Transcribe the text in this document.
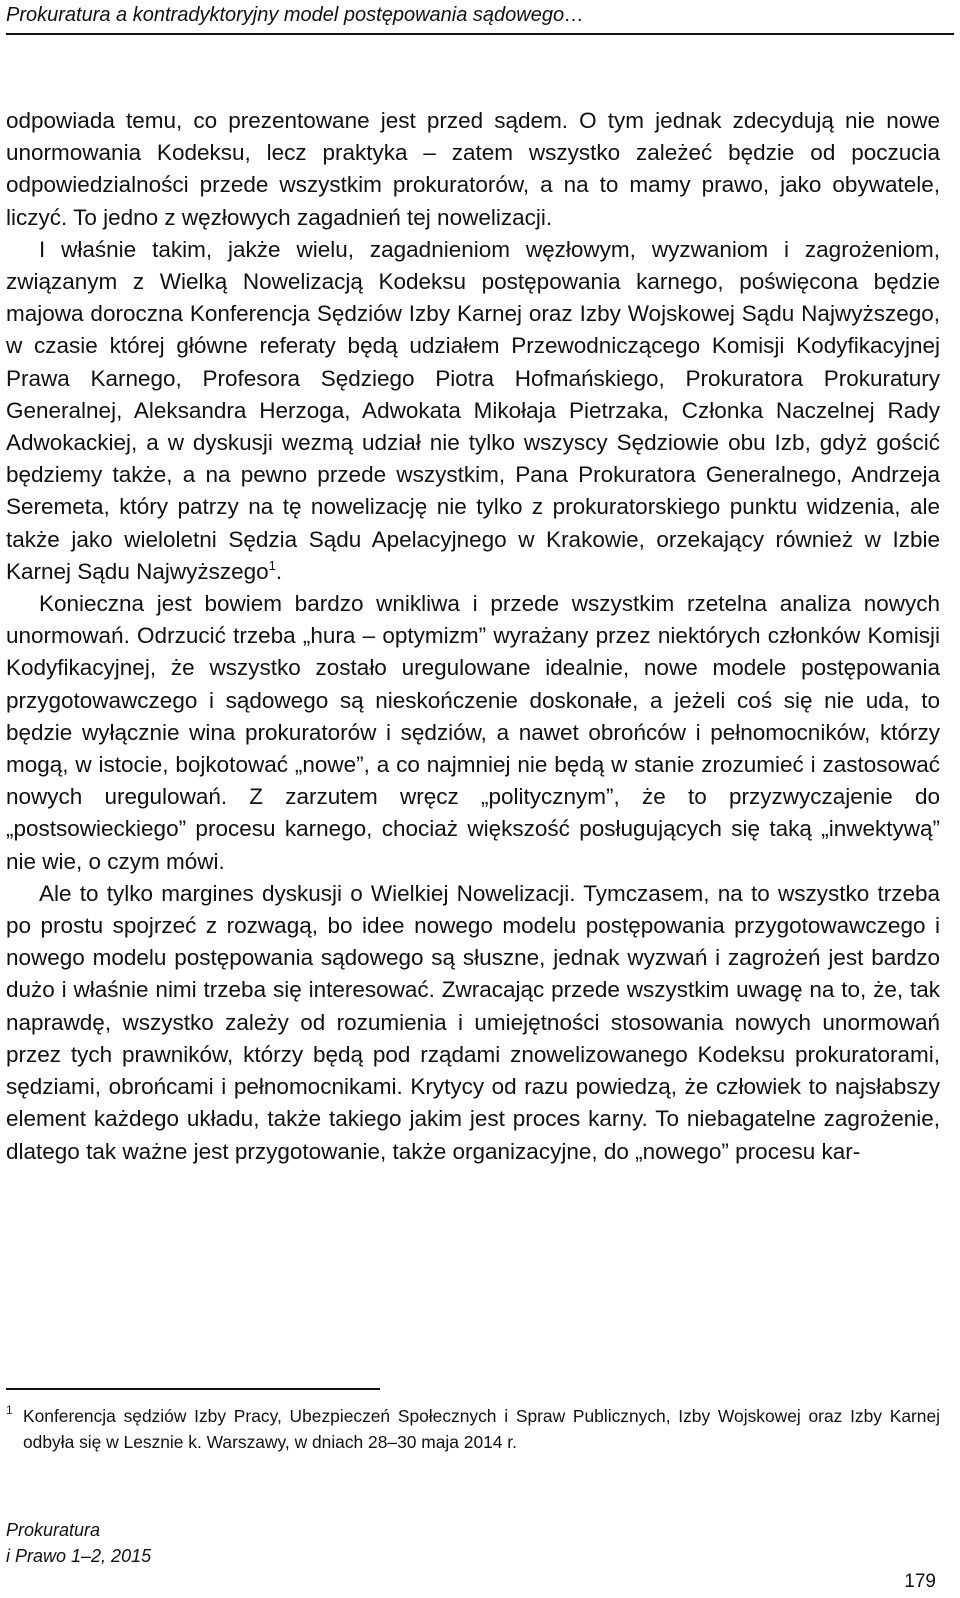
Prokuratura a kontradyktoryjny model postępowania sądowego…

odpowiada temu, co prezentowane jest przed sądem. O tym jednak zdecydują nie nowe unormowania Kodeksu, lecz praktyka – zatem wszystko zależeć będzie od poczucia odpowiedzialności przede wszystkim prokuratorów, a na to mamy prawo, jako obywatele, liczyć. To jedno z węzłowych zagadnień tej nowelizacji.

I właśnie takim, jakże wielu, zagadnieniom węzłowym, wyzwaniom i zagrożeniom, związanym z Wielką Nowelizacją Kodeksu postępowania karnego, poświęcona będzie majowa doroczna Konferencja Sędziów Izby Karnej oraz Izby Wojskowej Sądu Najwyższego, w czasie której główne referaty będą udziałem Przewodniczącego Komisji Kodyfikacyjnej Prawa Karnego, Profesora Sędziego Piotra Hofmańskiego, Prokuratora Prokuratury Generalnej, Aleksandra Herzoga, Adwokata Mikołaja Pietrzaka, Członka Naczelnej Rady Adwokackiej, a w dyskusji wezmą udział nie tylko wszyscy Sędziowie obu Izb, gdyż gościć będziemy także, a na pewno przede wszystkim, Pana Prokuratora Generalnego, Andrzeja Seremeta, który patrzy na tę nowelizację nie tylko z prokuratorskiego punktu widzenia, ale także jako wieloletni Sędzia Sądu Apelacyjnego w Krakowie, orzekający również w Izbie Karnej Sądu Najwyższego$^1$.

Konieczna jest bowiem bardzo wnikliwa i przede wszystkim rzetelna analiza nowych unormowań. Odrzucić trzeba „hura – optymizm” wyrażany przez niektórych członków Komisji Kodyfikacyjnej, że wszystko zostało uregulowane idealnie, nowe modele postępowania przygotowawczego i sądowego są nieskończenie doskonałe, a jeżeli coś się nie uda, to będzie wyłącznie wina prokuratorów i sędziów, a nawet obrońców i pełnomocników, którzy mogą, w istocie, bojkotować „nowe”, a co najmniej nie będą w stanie zrozumieć i zastosować nowych uregulowań. Z zarzutem wręcz „politycznym”, że to przyzwyczajenie do „postsowieckiego” procesu karnego, chociaż większość posługujących się taką „inwektywą” nie wie, o czym mówi.

Ale to tylko margines dyskusji o Wielkiej Nowelizacji. Tymczasem, na to wszystko trzeba po prostu spojrzeć z rozwagą, bo idee nowego modelu postępowania przygotowawczego i nowego modelu postępowania sądowego są słuszne, jednak wyzwań i zagrożeń jest bardzo dużo i właśnie nimi trzeba się interesować. Zwracając przede wszystkim uwagę na to, że, tak naprawdę, wszystko zależy od rozumienia i umiejętności stosowania nowych unormowań przez tych prawników, którzy będą pod rządami znowelizowanego Kodeksu prokuratorami, sędziami, obrońcami i pełnomocnikami. Krytycy od razu powiedzą, że człowiek to najsłabszy element każdego układu, także takiego jakim jest proces karny. To niebagatelne zagrożenie, dlatego tak ważne jest przygotowanie, także organizacyjne, do „nowego” procesu kar-

1 Konferencja sędziów Izby Pracy, Ubezpieczeń Społecznych i Spraw Publicznych, Izby Wojskowej oraz Izby Karnej odbyła się w Leszniе k. Warszawy, w dniach 28–30 maja 2014 r.
Prokuratura
i Prawo 1–2, 2015
179
